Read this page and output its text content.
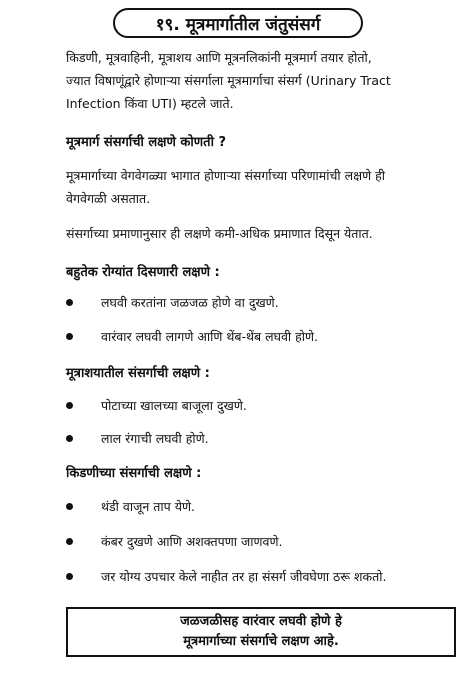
१९. मूत्रमार्गातील जंतुसंसर्ग
किडणी, मूत्रवाहिनी, मूत्राशय आणि मूत्रनलिकांनी मूत्रमार्ग तयार होतो,
ज्यात विषाणूंद्वारे होणाऱ्या संसर्गाला मूत्रमार्गाचा संसर्ग (Urinary Tract
Infection किंवा UTI) म्हटले जाते.
मूत्रमार्ग संसर्गाची लक्षणे कोणती ?
मूत्रमार्गाच्या वेगवेगळ्या भागात होणाऱ्या संसर्गाच्या परिणामांची लक्षणे ही
वेगवेगळी असतात.
संसर्गाच्या प्रमाणानुसार ही लक्षणे कमी-अधिक प्रमाणात दिसून येतात.
बहुतेक रोग्यांत दिसणारी लक्षणे :
लघवी करतांना जळजळ होणे वा दुखणे.
वारंवार लघवी लागणे आणि थेंब-थेंब लघवी होणे.
मूत्राशयातील संसर्गाची लक्षणे :
पोटाच्या खालच्या बाजूला दुखणे.
लाल रंगाची लघवी होणे.
किडणीच्या संसर्गाची लक्षणे :
थंडी वाजून ताप येणे.
कंबर दुखणे आणि अशक्तपणा जाणवणे.
जर योग्य उपचार केले नाहीत तर हा संसर्ग जीवघेणा ठरू शकतो.
जळजळीसह वारंवार लघवी होणे हे
मूत्रमार्गाच्या संसर्गाचे लक्षण आहे.
